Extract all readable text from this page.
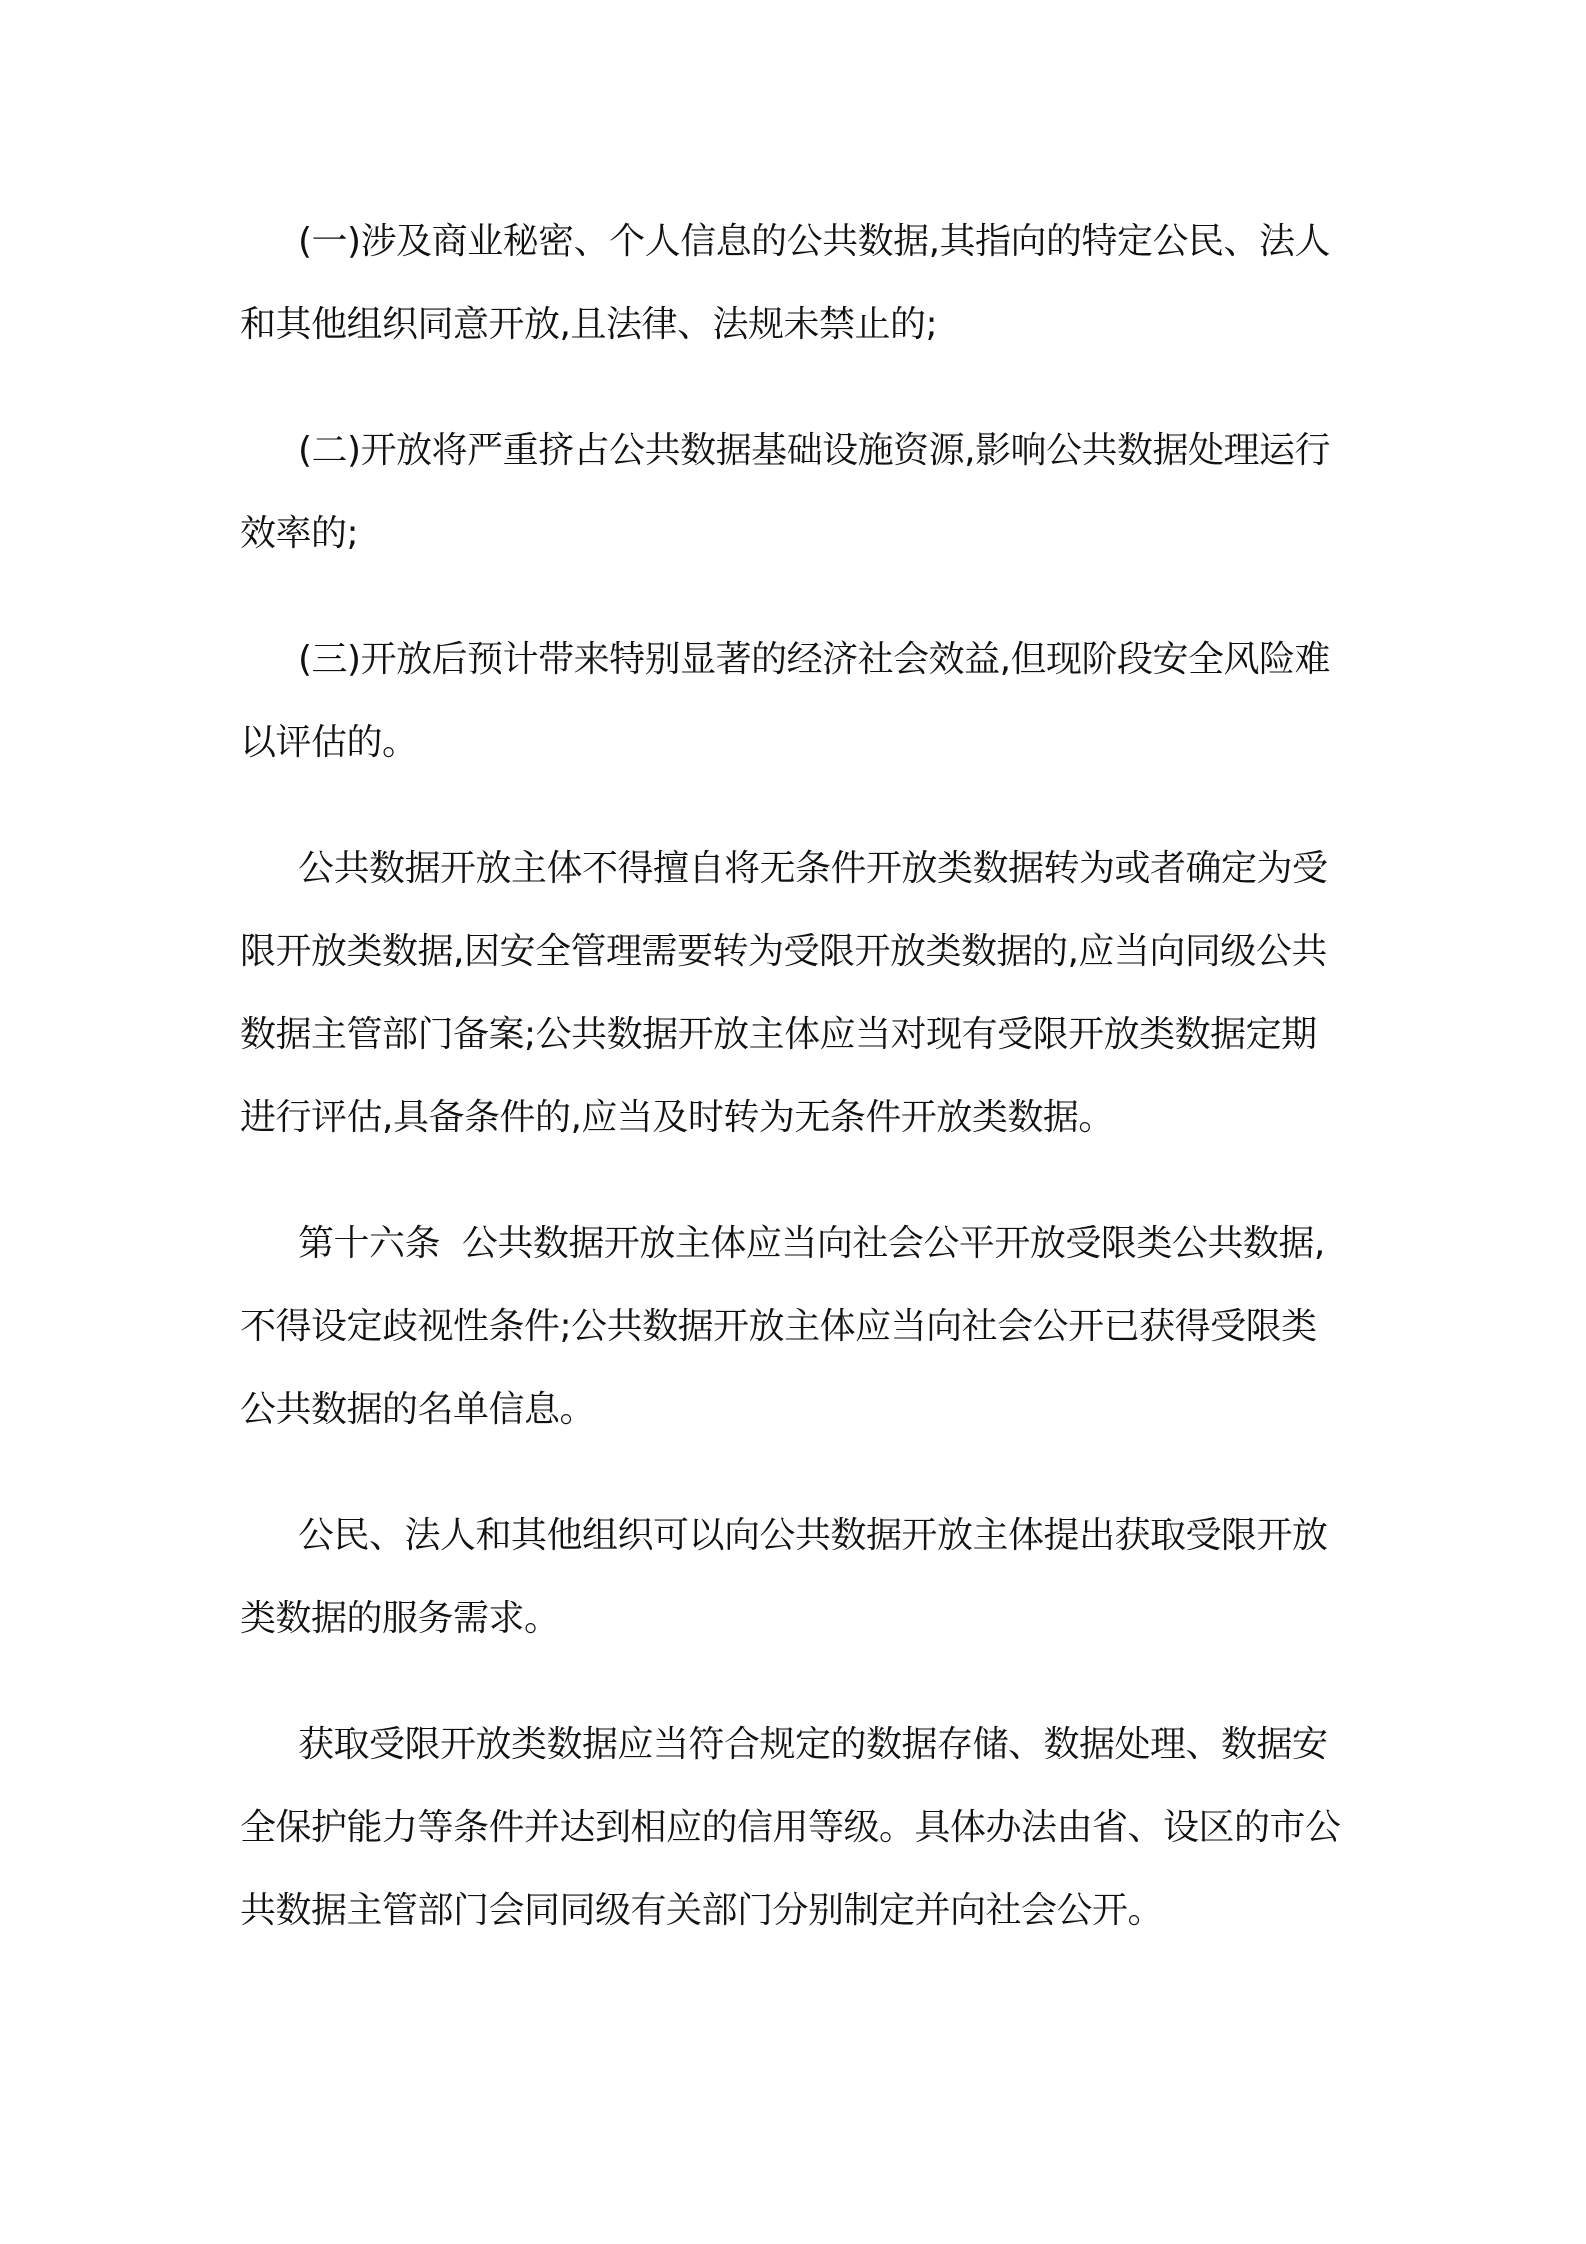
(一)涉及商业秘密、个人信息的公共数据,其指向的特定公民、法人
和其他组织同意开放,且法律、法规未禁止的;
(二)开放将严重挤占公共数据基础设施资源,影响公共数据处理运行
效率的;
(三)开放后预计带来特别显著的经济社会效益,但现阶段安全风险难
以评估的。
公共数据开放主体不得擅自将无条件开放类数据转为或者确定为受
限开放类数据,因安全管理需要转为受限开放类数据的,应当向同级公共
数据主管部门备案;公共数据开放主体应当对现有受限开放类数据定期
进行评估,具备条件的,应当及时转为无条件开放类数据。
第十六条  公共数据开放主体应当向社会公平开放受限类公共数据,
不得设定歧视性条件;公共数据开放主体应当向社会公开已获得受限类
公共数据的名单信息。
公民、法人和其他组织可以向公共数据开放主体提出获取受限开放
类数据的服务需求。
获取受限开放类数据应当符合规定的数据存储、数据处理、数据安
全保护能力等条件并达到相应的信用等级。具体办法由省、设区的市公
共数据主管部门会同同级有关部门分别制定并向社会公开。
